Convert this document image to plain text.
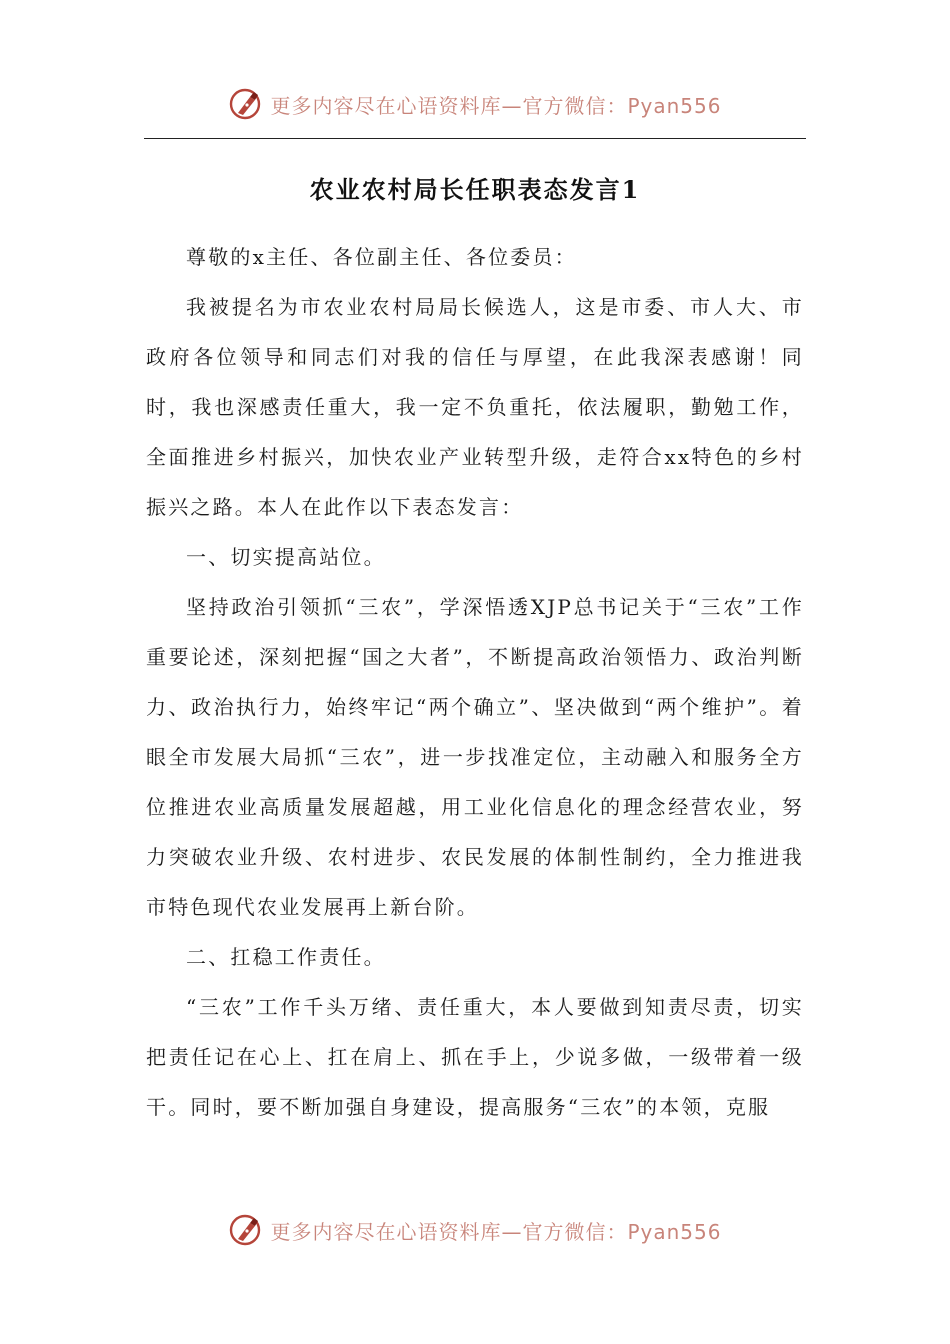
更多内容尽在心语资料库—官方微信：Pyan556
农业农村局长任职表态发言1

尊敬的x主任、各位副主任、各位委员：

我被提名为市农业农村局局长候选人，这是市委、市人大、市政府各位领导和同志们对我的信任与厚望，在此我深表感谢！同时，我也深感责任重大，我一定不负重托，依法履职，勤勉工作，全面推进乡村振兴，加快农业产业转型升级，走符合xx特色的乡村振兴之路。本人在此作以下表态发言：

一、切实提高站位。

坚持政治引领抓“三农”，学深悟透XJP总书记关于“三农”工作重要论述，深刻把握“国之大者”，不断提高政治领悟力、政治判断力、政治执行力，始终牢记“两个确立”、坚决做到“两个维护”。着眼全市发展大局抓“三农”，进一步找准定位，主动融入和服务全方位推进农业高质量发展超越，用工业化信息化的理念经营农业，努力突破农业升级、农村进步、农民发展的体制性制约，全力推进我市特色现代农业发展再上新台阶。

二、扛稳工作责任。

“三农”工作千头万绪、责任重大，本人要做到知责尽责，切实把责任记在心上、扛在肩上、抓在手上，少说多做，一级带着一级干。同时，要不断加强自身建设，提高服务“三农”的本领，克服

更多内容尽在心语资料库—官方微信：Pyan556
